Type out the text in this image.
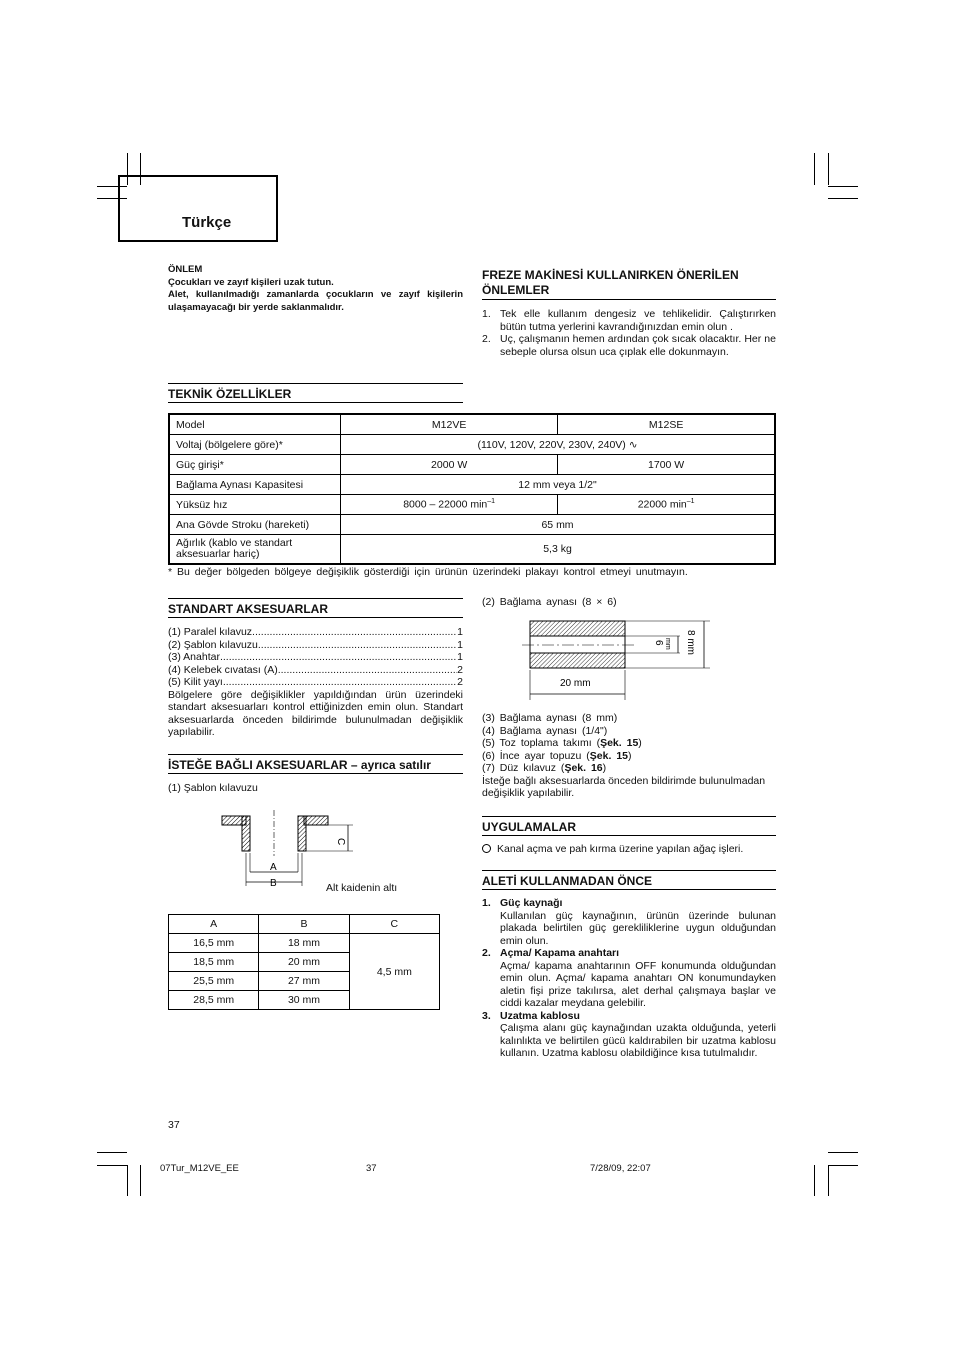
Türkçe
ÖNLEM
Çocukları ve zayıf kişileri uzak tutun.
Alet, kullanılmadığı zamanlarda çocukların ve zayıf kişilerin ulaşamayacağı bir yerde saklanmalıdır.
FREZE MAKİNESİ KULLANIRKEN ÖNERİLEN
ÖNLEMLER
1. Tek elle kullanım dengesiz ve tehlikelidir. Çalıştırırken bütün tutma yerlerini kavrandığınızdan emin olun .
2. Uç, çalışmanın hemen ardından çok sıcak olacaktır. Her ne sebeple olursa olsun uca çıplak elle dokunmayın.
TEKNİK ÖZELLİKLER
Model	M12VE	M12SE
Voltaj (bölgelere göre)*	(110V, 120V, 220V, 230V, 240V) ∿	
Güç girişi*	2000 W	1700 W
Bağlama Aynası Kapasitesi	12 mm veya 1/2"	
Yüksüz hız	8000 – 22000 $\min^{-1}$	22000 $\min^{-1}$
Ana Gövde Stroku (hareketi)	65 mm	

Ağırlık (kablo ve standart
aksesuarlar hariç)	5,3 kg	
* Bu değer bölgeden bölgeye değişiklik gösterdiği için ürünün üzerindeki plakayı kontrol etmeyi unutmayın.
STANDART AKSESUARLAR
(1) Paralel kılavuz .....	1
(2) Şablon kılavuzu .....	1
(3) Anahtar .....	1
(4) Kelebek cıvatası (A) .....	2
(5) Kilit yayı .....	2
Bölgelere göre değişiklikler yapıldığından ürün üzerindeki standart aksesuarları kontrol ettiğinizden emin olun. Standart aksesuarlarda önceden bildirimde bulunulmadan değişiklik yapılabilir.
İSTEĞE BAĞLI AKSESUARLAR – ayrıca satılır
(1) Şablon kılavuzu
A
B
C
Alt kaidenin altı
A	B	C
16,5 mm	18 mm	4,5 mm
18,5 mm	20 mm	
25,5 mm	27 mm	
28,5 mm	30 mm	
(2) Bağlama aynası (8 × 6)
6 mm 8 mm
20 mm
(3) Bağlama aynası (8 mm)
(4) Bağlama aynası (1/4")
(5) Toz toplama takımı (Şek. 15)
(6) İnce ayar topuzu (Şek. 15)
(7) Düz kılavuz (Şek. 16)
İsteğe bağlı aksesuarlarda önceden bildirimde bulunulmadan değişiklik yapılabilir.
UYGULAMALAR
Kanal açma ve pah kırma üzerine yapılan ağaç işleri.
ALETİ KULLANMADAN ÖNCE
1. Güç kaynağı
Kullanılan güç kaynağının, ürünün üzerinde bulunan plakada belirtilen güç gerekliliklerine uygun olduğundan emin olun.
2. Açma/ Kapama anahtarı
Açma/ kapama anahtarının OFF konumunda olduğundan emin olun. Açma/ kapama anahtarı ON konumundayken aletin fişi prize takılırsa, alet derhal çalışmaya başlar ve ciddi kazalar meydana gelebilir.
3. Uzatma kablosu
Çalışma alanı güç kaynağından uzakta olduğunda, yeterli kalınlıkta ve belirtilen gücü kaldırabilen bir uzatma kablosu kullanın. Uzatma kablosu olabildiğince kısa tutulmalıdır.
37
07Tur_M12VE_EE	37	7/28/09, 22:07
